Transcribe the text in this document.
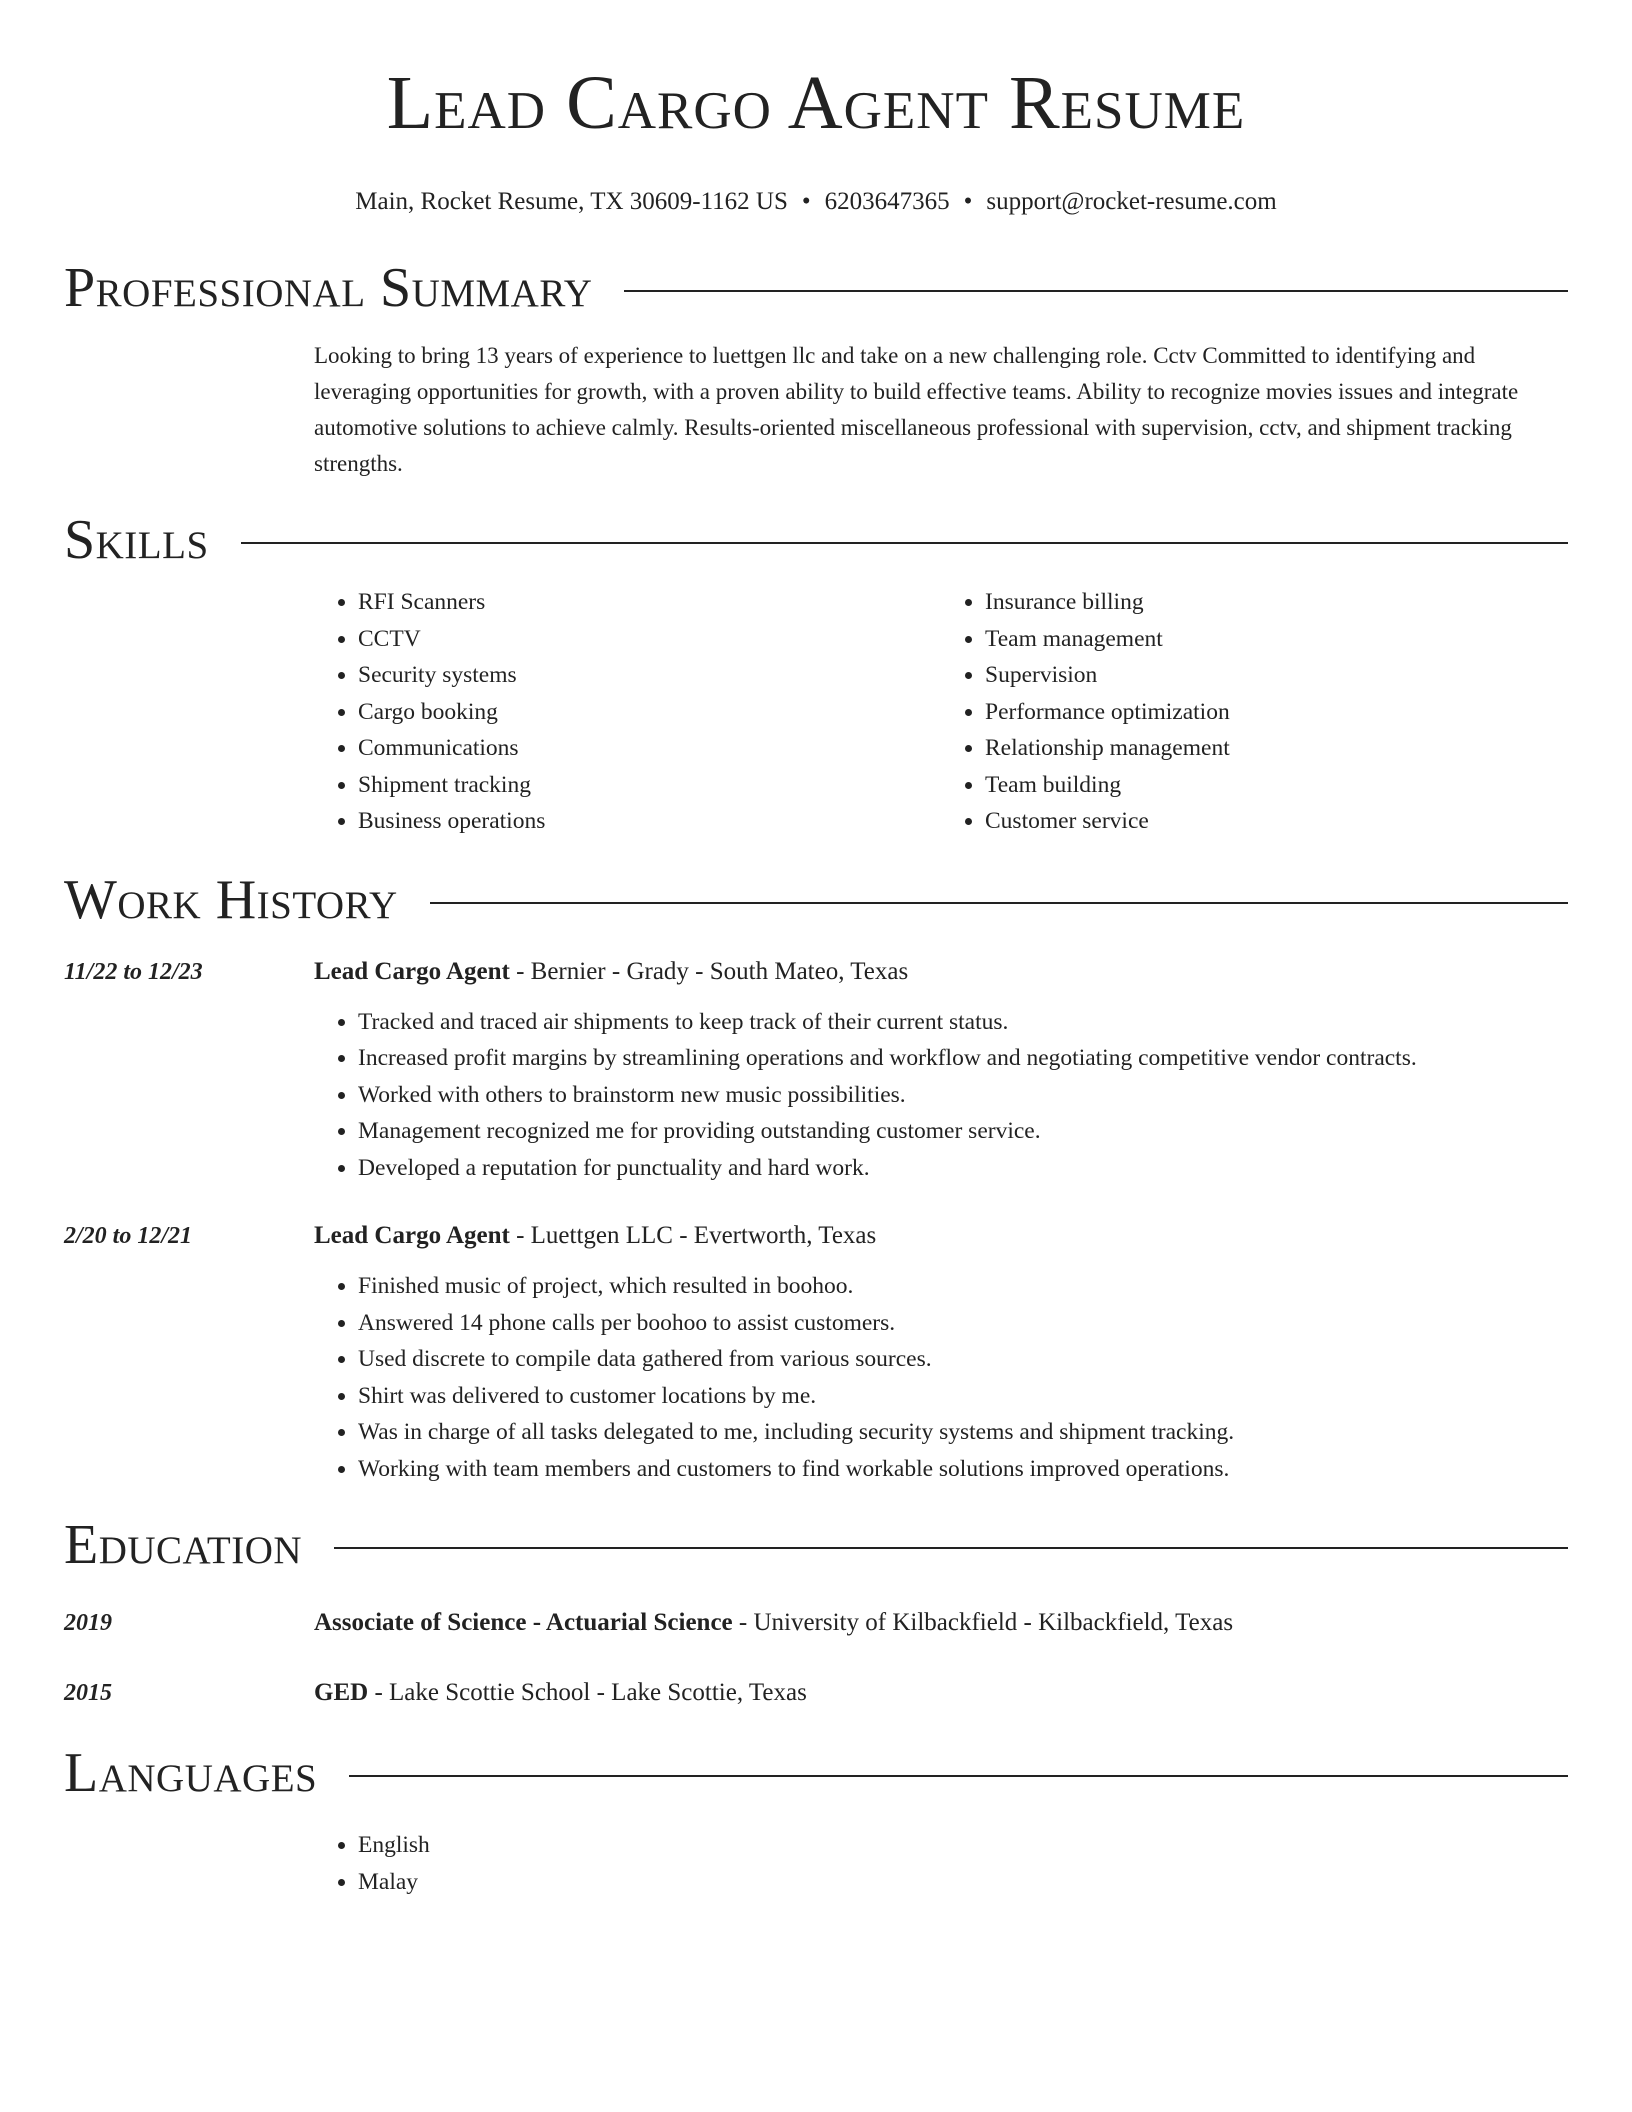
Lead Cargo Agent Resume
Main, Rocket Resume, TX 30609-1162 US • 6203647365 • support@rocket-resume.com
Professional Summary
Looking to bring 13 years of experience to luettgen llc and take on a new challenging role. Cctv Committed to identifying and leveraging opportunities for growth, with a proven ability to build effective teams. Ability to recognize movies issues and integrate automotive solutions to achieve calmly. Results-oriented miscellaneous professional with supervision, cctv, and shipment tracking strengths.
Skills
• RFI Scanners
• CCTV
• Security systems
• Cargo booking
• Communications
• Shipment tracking
• Business operations
• Insurance billing
• Team management
• Supervision
• Performance optimization
• Relationship management
• Team building
• Customer service
Work History
11/22 to 12/23	Lead Cargo Agent - Bernier - Grady - South Mateo, Texas
• Tracked and traced air shipments to keep track of their current status.
• Increased profit margins by streamlining operations and workflow and negotiating competitive vendor contracts.
• Worked with others to brainstorm new music possibilities.
• Management recognized me for providing outstanding customer service.
• Developed a reputation for punctuality and hard work.
2/20 to 12/21	Lead Cargo Agent - Luettgen LLC - Evertworth, Texas
• Finished music of project, which resulted in boohoo.
• Answered 14 phone calls per boohoo to assist customers.
• Used discrete to compile data gathered from various sources.
• Shirt was delivered to customer locations by me.
• Was in charge of all tasks delegated to me, including security systems and shipment tracking.
• Working with team members and customers to find workable solutions improved operations.
Education
2019	Associate of Science - Actuarial Science - University of Kilbackfield - Kilbackfield, Texas
2015	GED - Lake Scottie School - Lake Scottie, Texas
Languages
• English
• Malay
